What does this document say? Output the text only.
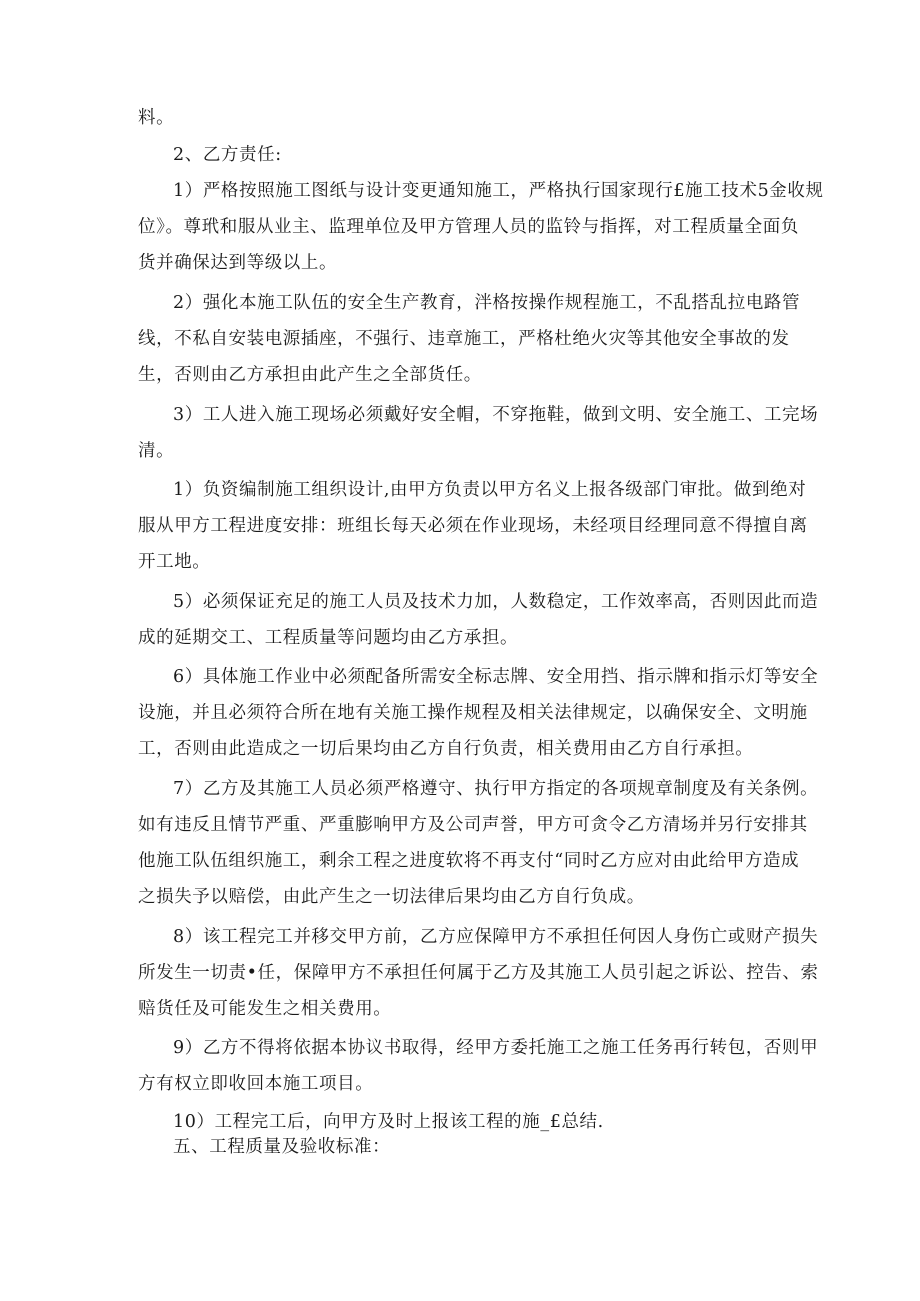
料。
2、乙方责任:
1）严格按照施工图纸与设计变更通知施工，严格执行国家现行£施工技术5金收规
位》。尊玳和服从业主、监理单位及甲方管理人员的监铃与指挥，对工程质量全面负
货并确保达到等级以上。
2）强化本施工队伍的安全生产教育，泮格按操作规程施工，不乱搭乱拉电路管
线，不私自安装电源插座，不强行、违章施工，严格杜绝火灾等其他安全事故的发
生，否则由乙方承担由此产生之全部货任。
3）工人进入施工现场必须戴好安全帽，不穿拖鞋，做到文明、安全施工、工完场
清。
1）负资编制施工组织设计,由甲方负责以甲方名义上报各级部门审批。做到绝对
服从甲方工程进度安排：班组长每天必须在作业现场，未经项目经理同意不得擅自离
开工地。
5）必须保证充足的施工人员及技术力加，人数稳定，工作效率高，否则因此而造
成的延期交工、工程质量等问题均由乙方承担。
6）具体施工作业中必须配备所需安全标志牌、安全用挡、指示牌和指示灯等安全
设施，并且必须符合所在地有关施工操作规程及相关法律规定，以确保安全、文明施
工，否则由此造成之一切后果均由乙方自行负责，相关费用由乙方自行承担。
7）乙方及其施工人员必须严格遵守、执行甲方指定的各项规章制度及有关条例。
如有违反且情节严重、严重膨响甲方及公司声誉，甲方可贪令乙方清场并另行安排其
他施工队伍组织施工，剩余工程之进度软将不再支付“同时乙方应对由此给甲方造成
之损失予以赔偿，由此产生之一切法律后果均由乙方自行负成。
8）该工程完工并移交甲方前，乙方应保障甲方不承担任何因人身伤亡或财产损失
所发生一切责•任，保障甲方不承担任何属于乙方及其施工人员引起之诉讼、控告、索
赔货任及可能发生之相关费用。
9）乙方不得将依据本协议书取得，经甲方委托施工之施工任务再行转包，否则甲
方有权立即收回本施工项目。
10）工程完工后，向甲方及时上报该工程的施_£总结.
五、工程质量及验收标准：
